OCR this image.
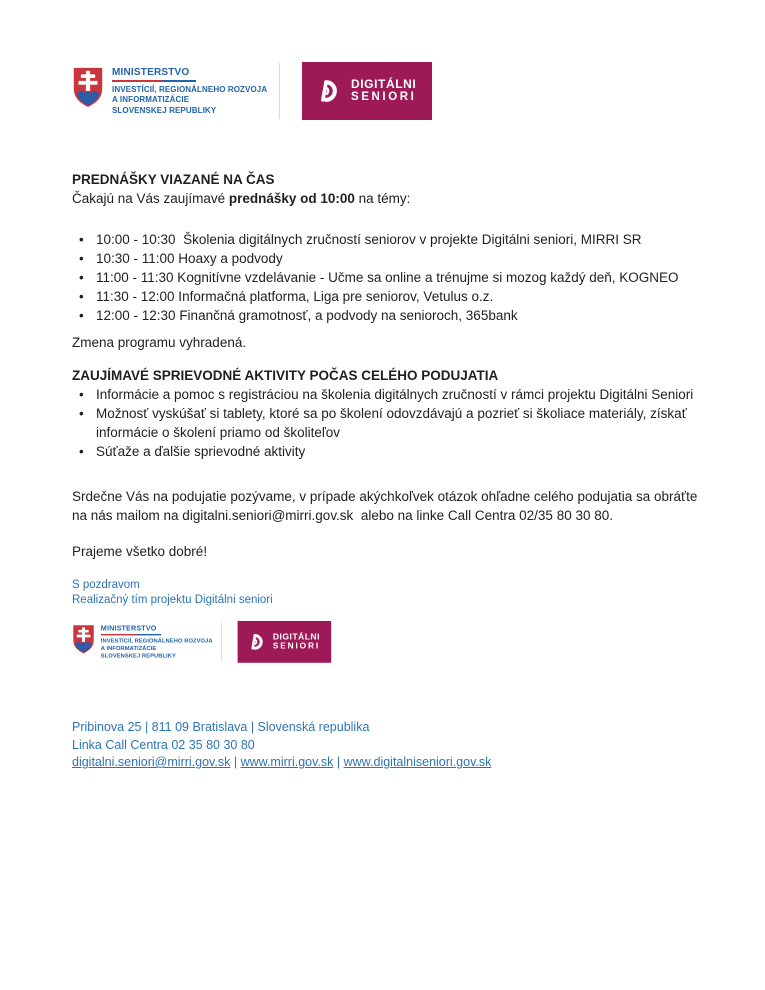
MINISTERSTVO
INVESTÍCIÍ, REGIONÁLNEHO ROZVOJA
A INFORMATIZÁCIE
SLOVENSKEJ REPUBLIKY
DIGITÁLNI
SENIORI

PREDNÁŠKY VIAZANÉ NA ČAS

Čakajú na Vás zaujímavé prednášky od 10:00 na témy:

• 10:00 - 10:30  Školenia digitálnych zručností seniorov v projekte Digitálni seniori, MIRRI SR
• 10:30 - 11:00 Hoaxy a podvody
• 11:00 - 11:30 Kognitívne vzdelávanie - Učme sa online a trénujme si mozog každý deň, KOGNEO
• 11:30 - 12:00 Informačná platforma, Liga pre seniorov, Vetulus o.z.
• 12:00 - 12:30 Finančná gramotnosť, a podvody na senioroch, 365bank

Zmena programu vyhradená.

ZAUJÍMAVÉ SPRIEVODNÉ AKTIVITY POČAS CELÉHO PODUJATIA

• Informácie a pomoc s registráciou na školenia digitálnych zručností v rámci projektu Digitálni Seniori
• Možnosť vyskúšať si tablety, ktoré sa po školení odovzdávajú a pozrieť si školiace materiály, získať informácie o školení priamo od školiteľov
• Súťaže a ďalšie sprievodné aktivity

Srdečne Vás na podujatie pozývame, v prípade akýchkoľvek otázok ohľadne celého podujatia sa obráťte na nás mailom na digitalni.seniori@mirri.gov.sk  alebo na linke Call Centra 02/35 80 30 80.

Prajeme všetko dobré!

S pozdravom
Realizačný tím projektu Digitálni seniori
MINISTERSTVO
INVESTÍCIÍ, REGIONÁLNEHO ROZVOJA
A INFORMATIZÁCIE
SLOVENSKEJ REPUBLIKY
DIGITÁLNI
SENIORI
Pribinova 25 | 811 09 Bratislava | Slovenská republika
Linka Call Centra 02 35 80 30 80
digitalni.seniori@mirri.gov.sk | www.mirri.gov.sk | www.digitalniseniori.gov.sk
